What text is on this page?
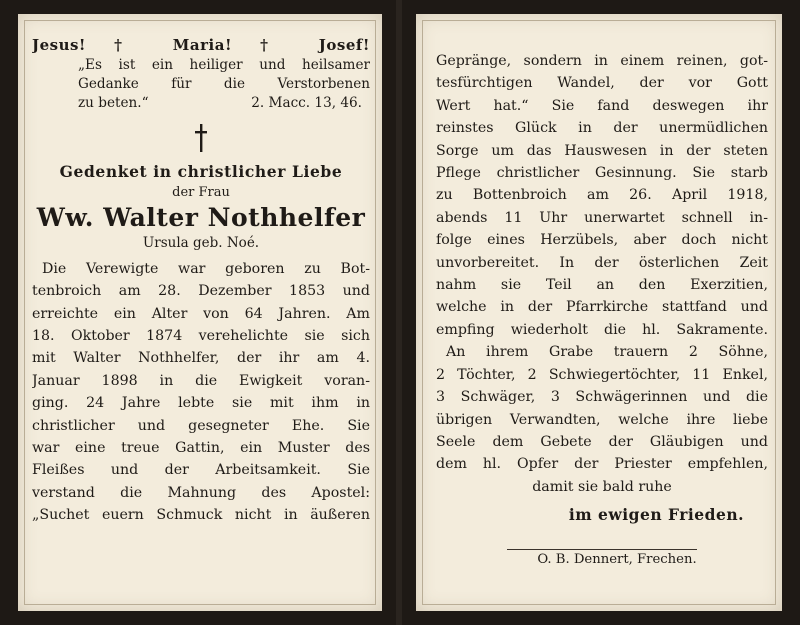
Jesus! † Maria! † Josef!
„Es ist ein heiliger und heilsamer
Gedanke für die Verstorbenen
zu beten.“	2. Macc. 13, 46.
Gedenket in christlicher Liebe
der Frau
Ww. Walter Nothhelfer
Ursula geb. Noé.
Die Verewigte war geboren zu Bot-
tenbroich am 28. Dezember 1853 und
erreichte ein Alter von 64 Jahren. Am
18. Oktober 1874 verehelichte sie sich
mit Walter Nothhelfer, der ihr am 4.
Januar 1898 in die Ewigkeit voran-
ging. 24 Jahre lebte sie mit ihm in
christlicher und gesegneter Ehe. Sie
war eine treue Gattin, ein Muster des
Fleißes und der Arbeitsamkeit. Sie
verstand die Mahnung des Apostel:
„Suchet euern Schmuck nicht in äußeren
Gepränge, sondern in einem reinen, got-
tesfürchtigen Wandel, der vor Gott
Wert hat.“ Sie fand deswegen ihr
reinstes Glück in der unermüdlichen
Sorge um das Hauswesen in der steten
Pflege christlicher Gesinnung. Sie starb
zu Bottenbroich am 26. April 1918,
abends 11 Uhr unerwartet schnell in-
folge eines Herzübels, aber doch nicht
unvorbereitet. In der österlichen Zeit
nahm sie Teil an den Exerzitien,
welche in der Pfarrkirche stattfand und
empfing wiederholt die hl. Sakramente.
An ihrem Grabe trauern 2 Söhne,
2 Töchter, 2 Schwiegertöchter, 11 Enkel,
3 Schwäger, 3 Schwägerinnen und die
übrigen Verwandten, welche ihre liebe
Seele dem Gebete der Gläubigen und
dem hl. Opfer der Priester empfehlen,
damit sie bald ruhe
im ewigen Frieden.
O. B. Dennert, Frechen.
